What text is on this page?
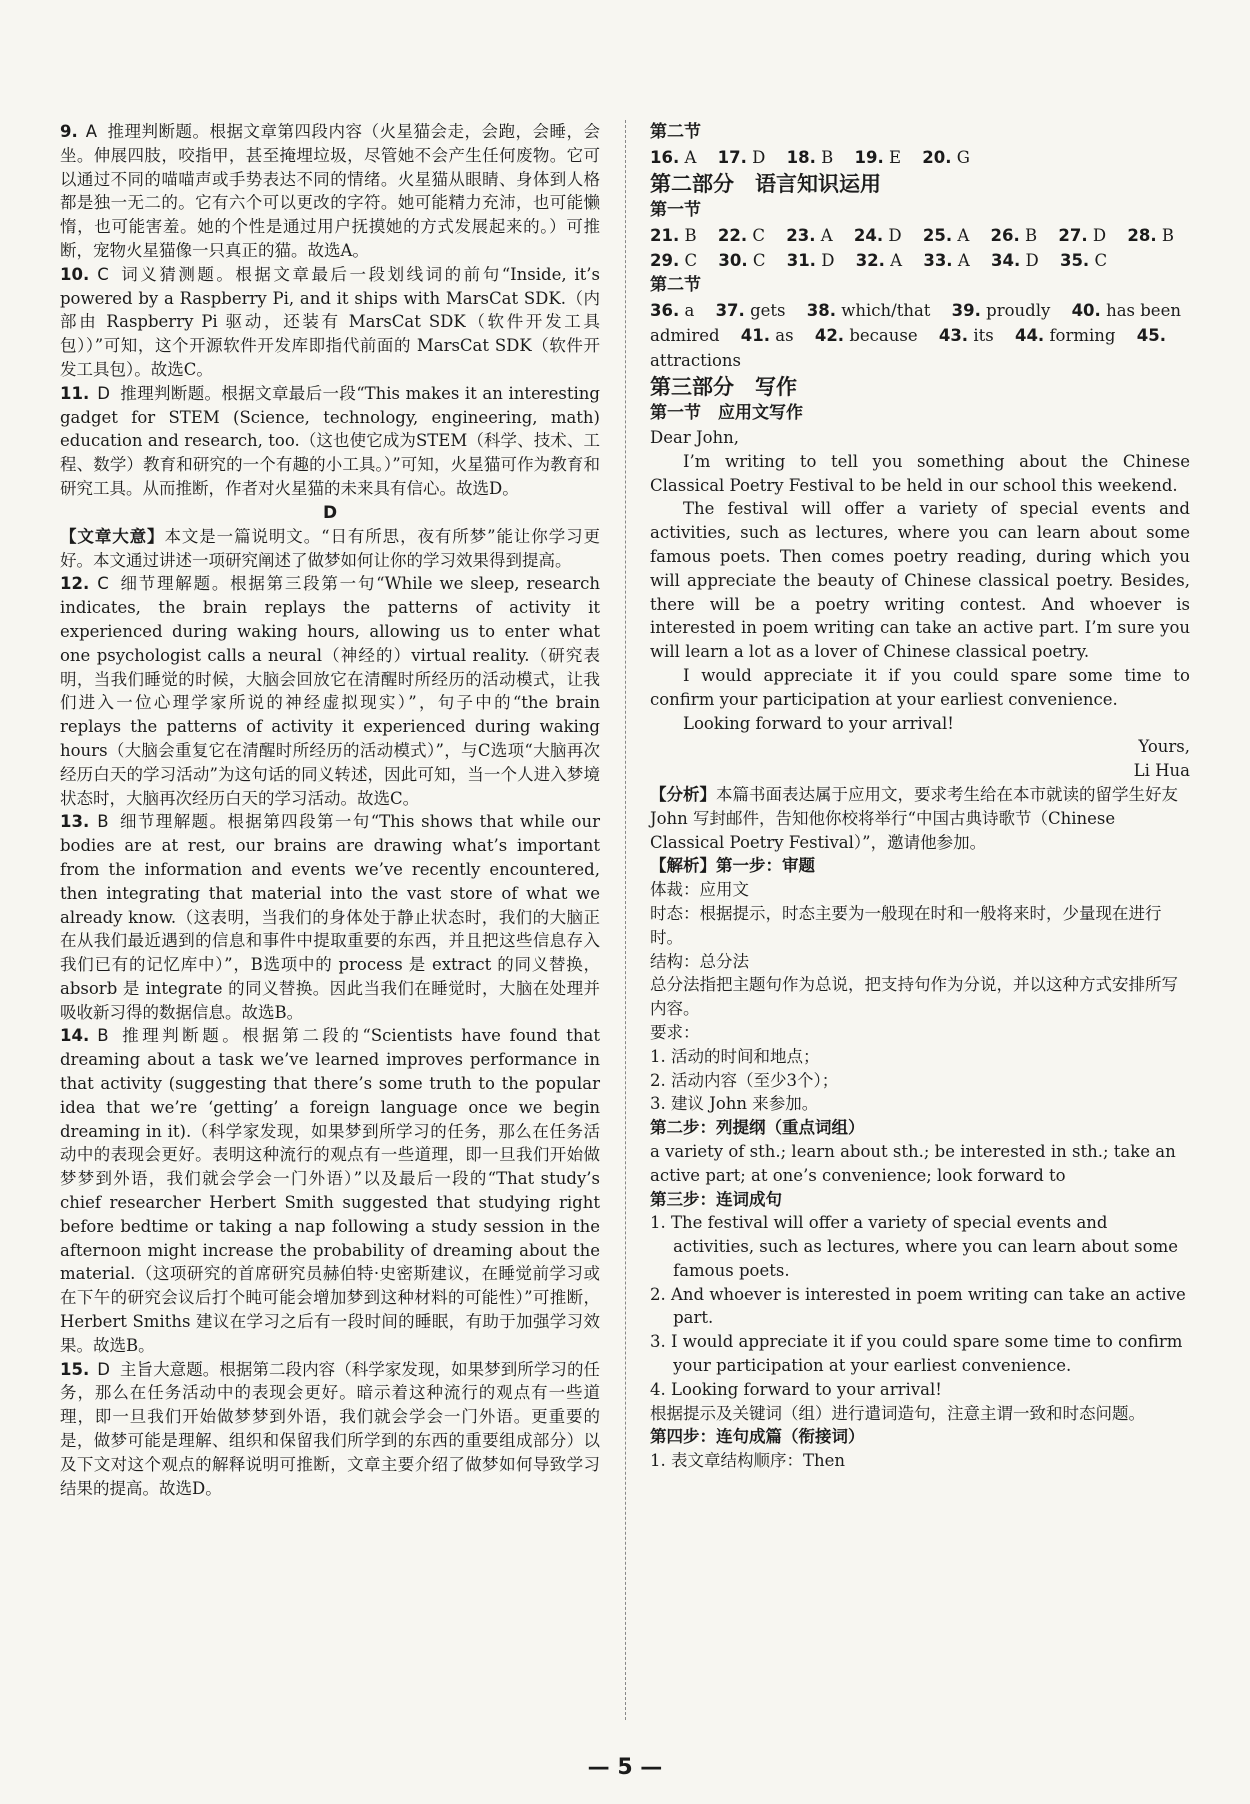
9. A 推理判断题。根据文章第四段内容（火星猫会走，会跑，会睡，会坐。伸展四肢，咬指甲，甚至掩埋垃圾，尽管她不会产生任何废物。它可以通过不同的喵喵声或手势表达不同的情绪。火星猫从眼睛、身体到人格都是独一无二的。它有六个可以更改的字符。她可能精力充沛，也可能懒惰，也可能害羞。她的个性是通过用户抚摸她的方式发展起来的。）可推断，宠物火星猫像一只真正的猫。故选A。

10. C 词义猜测题。根据文章最后一段划线词的前句“Inside, it’s powered by a Raspberry Pi, and it ships with MarsCat SDK.（内部由 Raspberry Pi 驱动，还装有 MarsCat SDK（软件开发工具包））”可知，这个开源软件开发库即指代前面的 MarsCat SDK（软件开发工具包）。故选C。

11. D 推理判断题。根据文章最后一段“This makes it an interesting gadget for STEM (Science, technology, engineering, math) education and research, too.（这也使它成为STEM（科学、技术、工程、数学）教育和研究的一个有趣的小工具。）”可知，火星猫可作为教育和研究工具。从而推断，作者对火星猫的未来具有信心。故选D。

D

【文章大意】本文是一篇说明文。“日有所思，夜有所梦”能让你学习更好。本文通过讲述一项研究阐述了做梦如何让你的学习效果得到提高。

12. C 细节理解题。根据第三段第一句“While we sleep, research indicates, the brain replays the patterns of activity it experienced during waking hours, allowing us to enter what one psychologist calls a neural（神经的）virtual reality.（研究表明，当我们睡觉的时候，大脑会回放它在清醒时所经历的活动模式，让我们进入一位心理学家所说的神经虚拟现实）”，句子中的“the brain replays the patterns of activity it experienced during waking hours（大脑会重复它在清醒时所经历的活动模式）”，与C选项“大脑再次经历白天的学习活动”为这句话的同义转述，因此可知，当一个人进入梦境状态时，大脑再次经历白天的学习活动。故选C。

13. B 细节理解题。根据第四段第一句“This shows that while our bodies are at rest, our brains are drawing what’s important from the information and events we’ve recently encountered, then integrating that material into the vast store of what we already know.（这表明，当我们的身体处于静止状态时，我们的大脑正在从我们最近遇到的信息和事件中提取重要的东西，并且把这些信息存入我们已有的记忆库中）”，B选项中的 process 是 extract 的同义替换，absorb 是 integrate 的同义替换。因此当我们在睡觉时，大脑在处理并吸收新习得的数据信息。故选B。

14. B 推理判断题。根据第二段的“Scientists have found that dreaming about a task we’ve learned improves performance in that activity (suggesting that there’s some truth to the popular idea that we’re ‘getting’ a foreign language once we begin dreaming in it).（科学家发现，如果梦到所学习的任务，那么在任务活动中的表现会更好。表明这种流行的观点有一些道理，即一旦我们开始做梦梦到外语，我们就会学会一门外语）”以及最后一段的“That study’s chief researcher Herbert Smith suggested that studying right before bedtime or taking a nap following a study session in the afternoon might increase the probability of dreaming about the material.（这项研究的首席研究员赫伯特·史密斯建议，在睡觉前学习或在下午的研究会议后打个盹可能会增加梦到这种材料的可能性）”可推断，Herbert Smiths 建议在学习之后有一段时间的睡眠，有助于加强学习效果。故选B。

15. D 主旨大意题。根据第二段内容（科学家发现，如果梦到所学习的任务，那么在任务活动中的表现会更好。暗示着这种流行的观点有一些道理，即一旦我们开始做梦梦到外语，我们就会学会一门外语。更重要的是，做梦可能是理解、组织和保留我们所学到的东西的重要组成部分）以及下文对这个观点的解释说明可推断，文章主要介绍了做梦如何导致学习结果的提高。故选D。

第二节

16. A 17. D 18. B 19. E 20. G

第二部分　语言知识运用

第一节

21. B 22. C 23. A 24. D 25. A 26. B 27. D 28. B

29. C 30. C 31. D 32. A 33. A 34. D 35. C

第二节

36. a 37. gets 38. which/that 39. proudly 40. has been admired 41. as 42. because 43. its 44. forming 45. attractions

第三部分　写作

第一节　应用文写作

Dear John,

I’m writing to tell you something about the Chinese Classical Poetry Festival to be held in our school this weekend.

The festival will offer a variety of special events and activities, such as lectures, where you can learn about some famous poets. Then comes poetry reading, during which you will appreciate the beauty of Chinese classical poetry. Besides, there will be a poetry writing contest. And whoever is interested in poem writing can take an active part. I’m sure you will learn a lot as a lover of Chinese classical poetry.

I would appreciate it if you could spare some time to confirm your participation at your earliest convenience.

Looking forward to your arrival!

Yours,

Li Hua

【分析】本篇书面表达属于应用文，要求考生给在本市就读的留学生好友 John 写封邮件，告知他你校将举行“中国古典诗歌节（Chinese Classical Poetry Festival）”，邀请他参加。

【解析】第一步：审题

体裁：应用文

时态：根据提示，时态主要为一般现在时和一般将来时，少量现在进行时。

结构：总分法

总分法指把主题句作为总说，把支持句作为分说，并以这种方式安排所写内容。

要求：

1. 活动的时间和地点；

2. 活动内容（至少3个）；

3. 建议 John 来参加。

第二步：列提纲（重点词组）

a variety of sth.; learn about sth.; be interested in sth.; take an active part; at one’s convenience; look forward to

第三步：连词成句

1. The festival will offer a variety of special events and activities, such as lectures, where you can learn about some famous poets.

2. And whoever is interested in poem writing can take an active part.

3. I would appreciate it if you could spare some time to confirm your participation at your earliest convenience.

4. Looking forward to your arrival!

根据提示及关键词（组）进行遣词造句，注意主谓一致和时态问题。

第四步：连句成篇（衔接词）

1. 表文章结构顺序：Then

— 5 —
